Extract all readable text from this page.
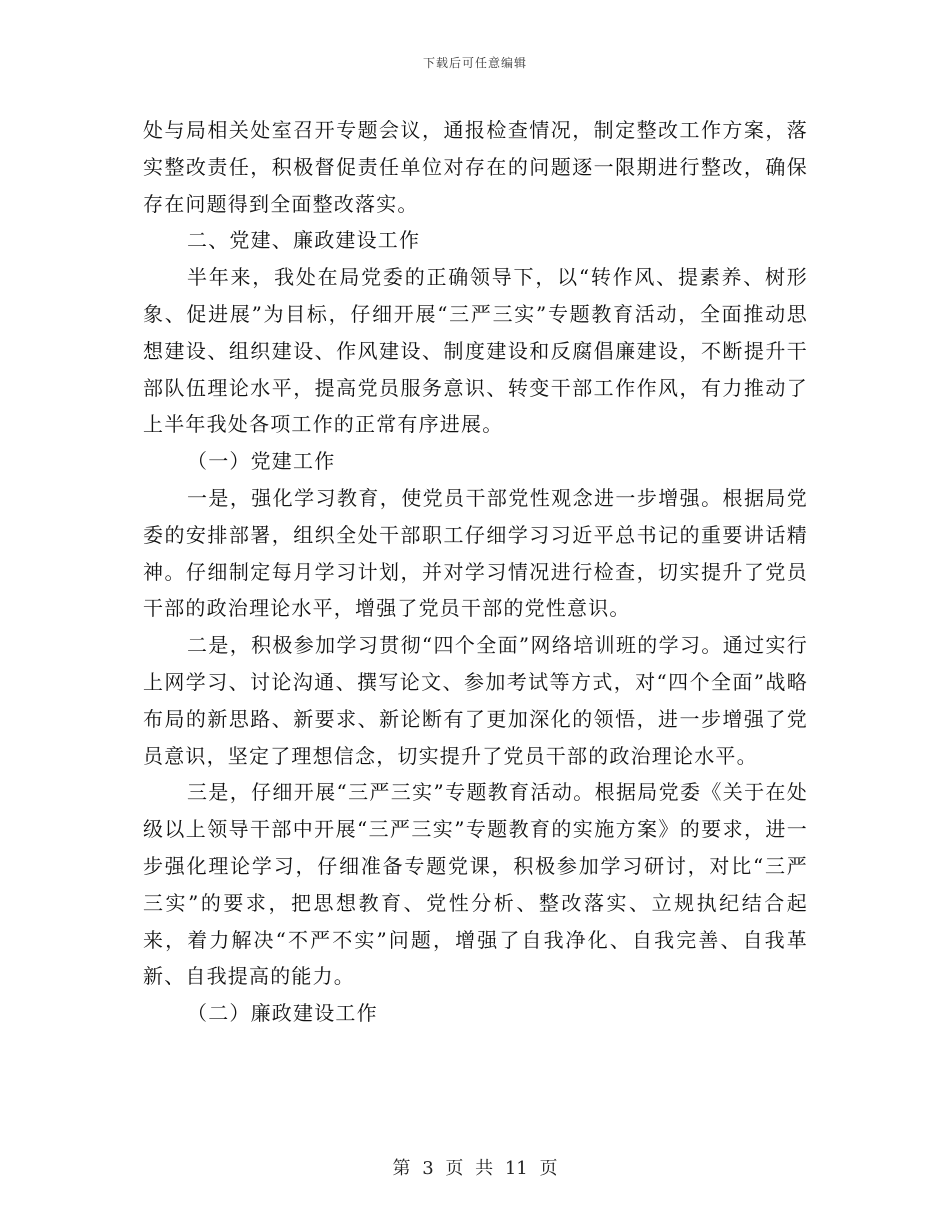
下载后可任意编辑

处与局相关处室召开专题会议，通报检查情况，制定整改工作方案，落实整改责任，积极督促责任单位对存在的问题逐一限期进行整改，确保存在问题得到全面整改落实。

二、党建、廉政建设工作

半年来，我处在局党委的正确领导下，以“转作风、提素养、树形象、促进展”为目标，仔细开展“三严三实”专题教育活动，全面推动思想建设、组织建设、作风建设、制度建设和反腐倡廉建设，不断提升干部队伍理论水平，提高党员服务意识、转变干部工作作风，有力推动了上半年我处各项工作的正常有序进展。

（一）党建工作

一是，强化学习教育，使党员干部党性观念进一步增强。根据局党委的安排部署，组织全处干部职工仔细学习习近平总书记的重要讲话精神。仔细制定每月学习计划，并对学习情况进行检查，切实提升了党员干部的政治理论水平，增强了党员干部的党性意识。

二是，积极参加学习贯彻“四个全面”网络培训班的学习。通过实行上网学习、讨论沟通、撰写论文、参加考试等方式，对“四个全面”战略布局的新思路、新要求、新论断有了更加深化的领悟，进一步增强了党员意识，坚定了理想信念，切实提升了党员干部的政治理论水平。

三是，仔细开展“三严三实”专题教育活动。根据局党委《关于在处级以上领导干部中开展“三严三实”专题教育的实施方案》的要求，进一步强化理论学习，仔细准备专题党课，积极参加学习研讨，对比“三严三实”的要求，把思想教育、党性分析、整改落实、立规执纪结合起来，着力解决“不严不实”问题，增强了自我净化、自我完善、自我革新、自我提高的能力。

（二）廉政建设工作

第 3 页 共 11 页
